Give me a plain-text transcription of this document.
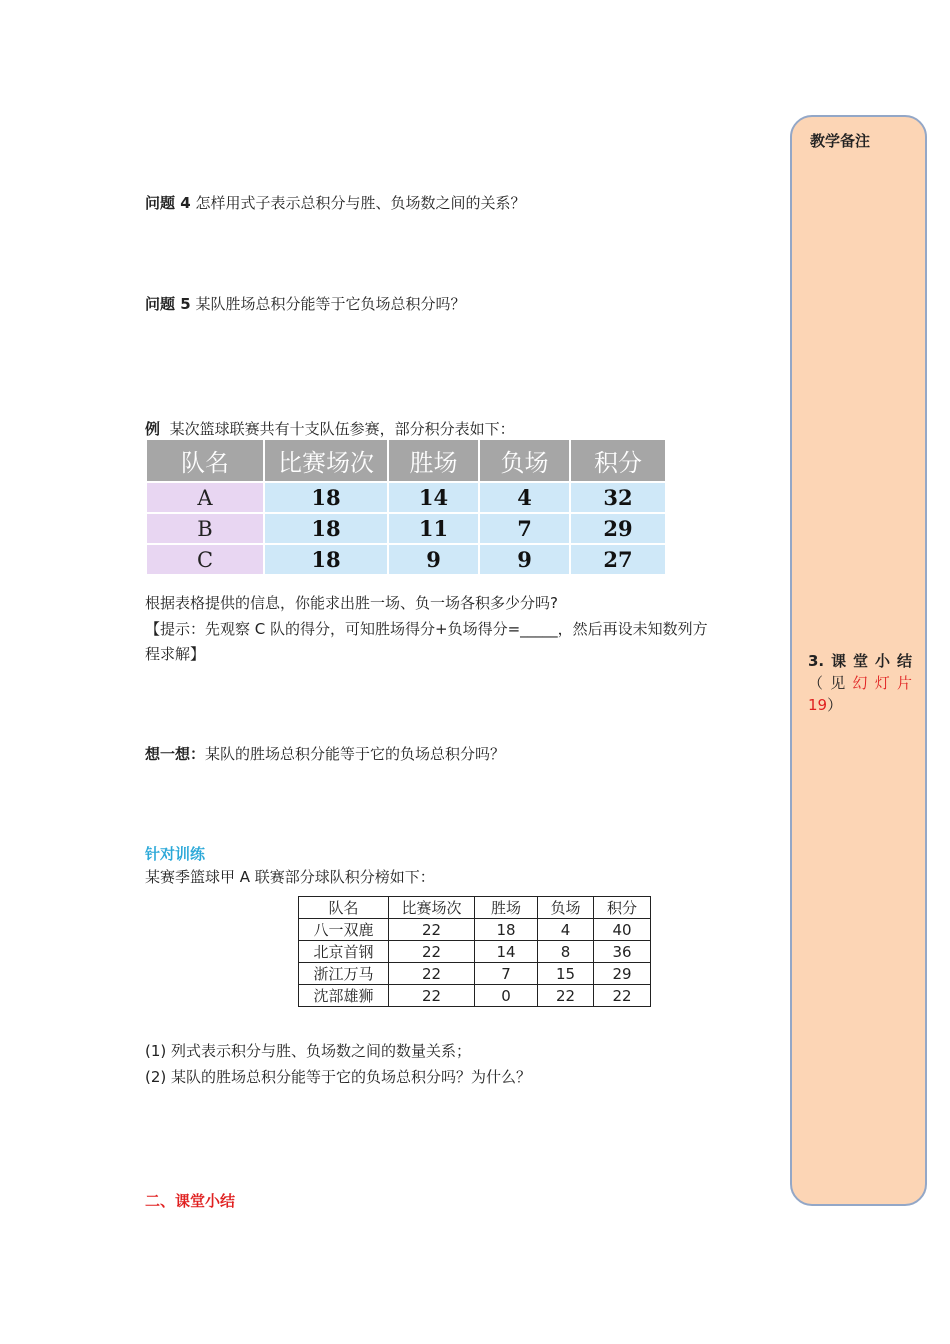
教学备注
3. 课 堂 小 结
（ 见 幻 灯 片
19）
问题 4 怎样用式子表示总积分与胜、负场数之间的关系？
问题 5 某队胜场总积分能等于它负场总积分吗？
例 某次篮球联赛共有十支队伍参赛，部分积分表如下：
队名	比赛场次	胜场	负场	积分
A	18	14	4	32
B	18	11	7	29
C	18	9	9	27
根据表格提供的信息，你能求出胜一场、负一场各积多少分吗?
【提示：先观察 C 队的得分，可知胜场得分+负场得分=_____，然后再设未知数列方
程求解】
想一想：某队的胜场总积分能等于它的负场总积分吗？
针对训练
某赛季篮球甲 A 联赛部分球队积分榜如下：
队名	比赛场次	胜场	负场	积分
八一双鹿	22	18	4	40
北京首钢	22	14	8	36
浙江万马	22	7	15	29
沈部雄狮	22	0	22	22
(1) 列式表示积分与胜、负场数之间的数量关系；
(2) 某队的胜场总积分能等于它的负场总积分吗？为什么？
二、课堂小结
